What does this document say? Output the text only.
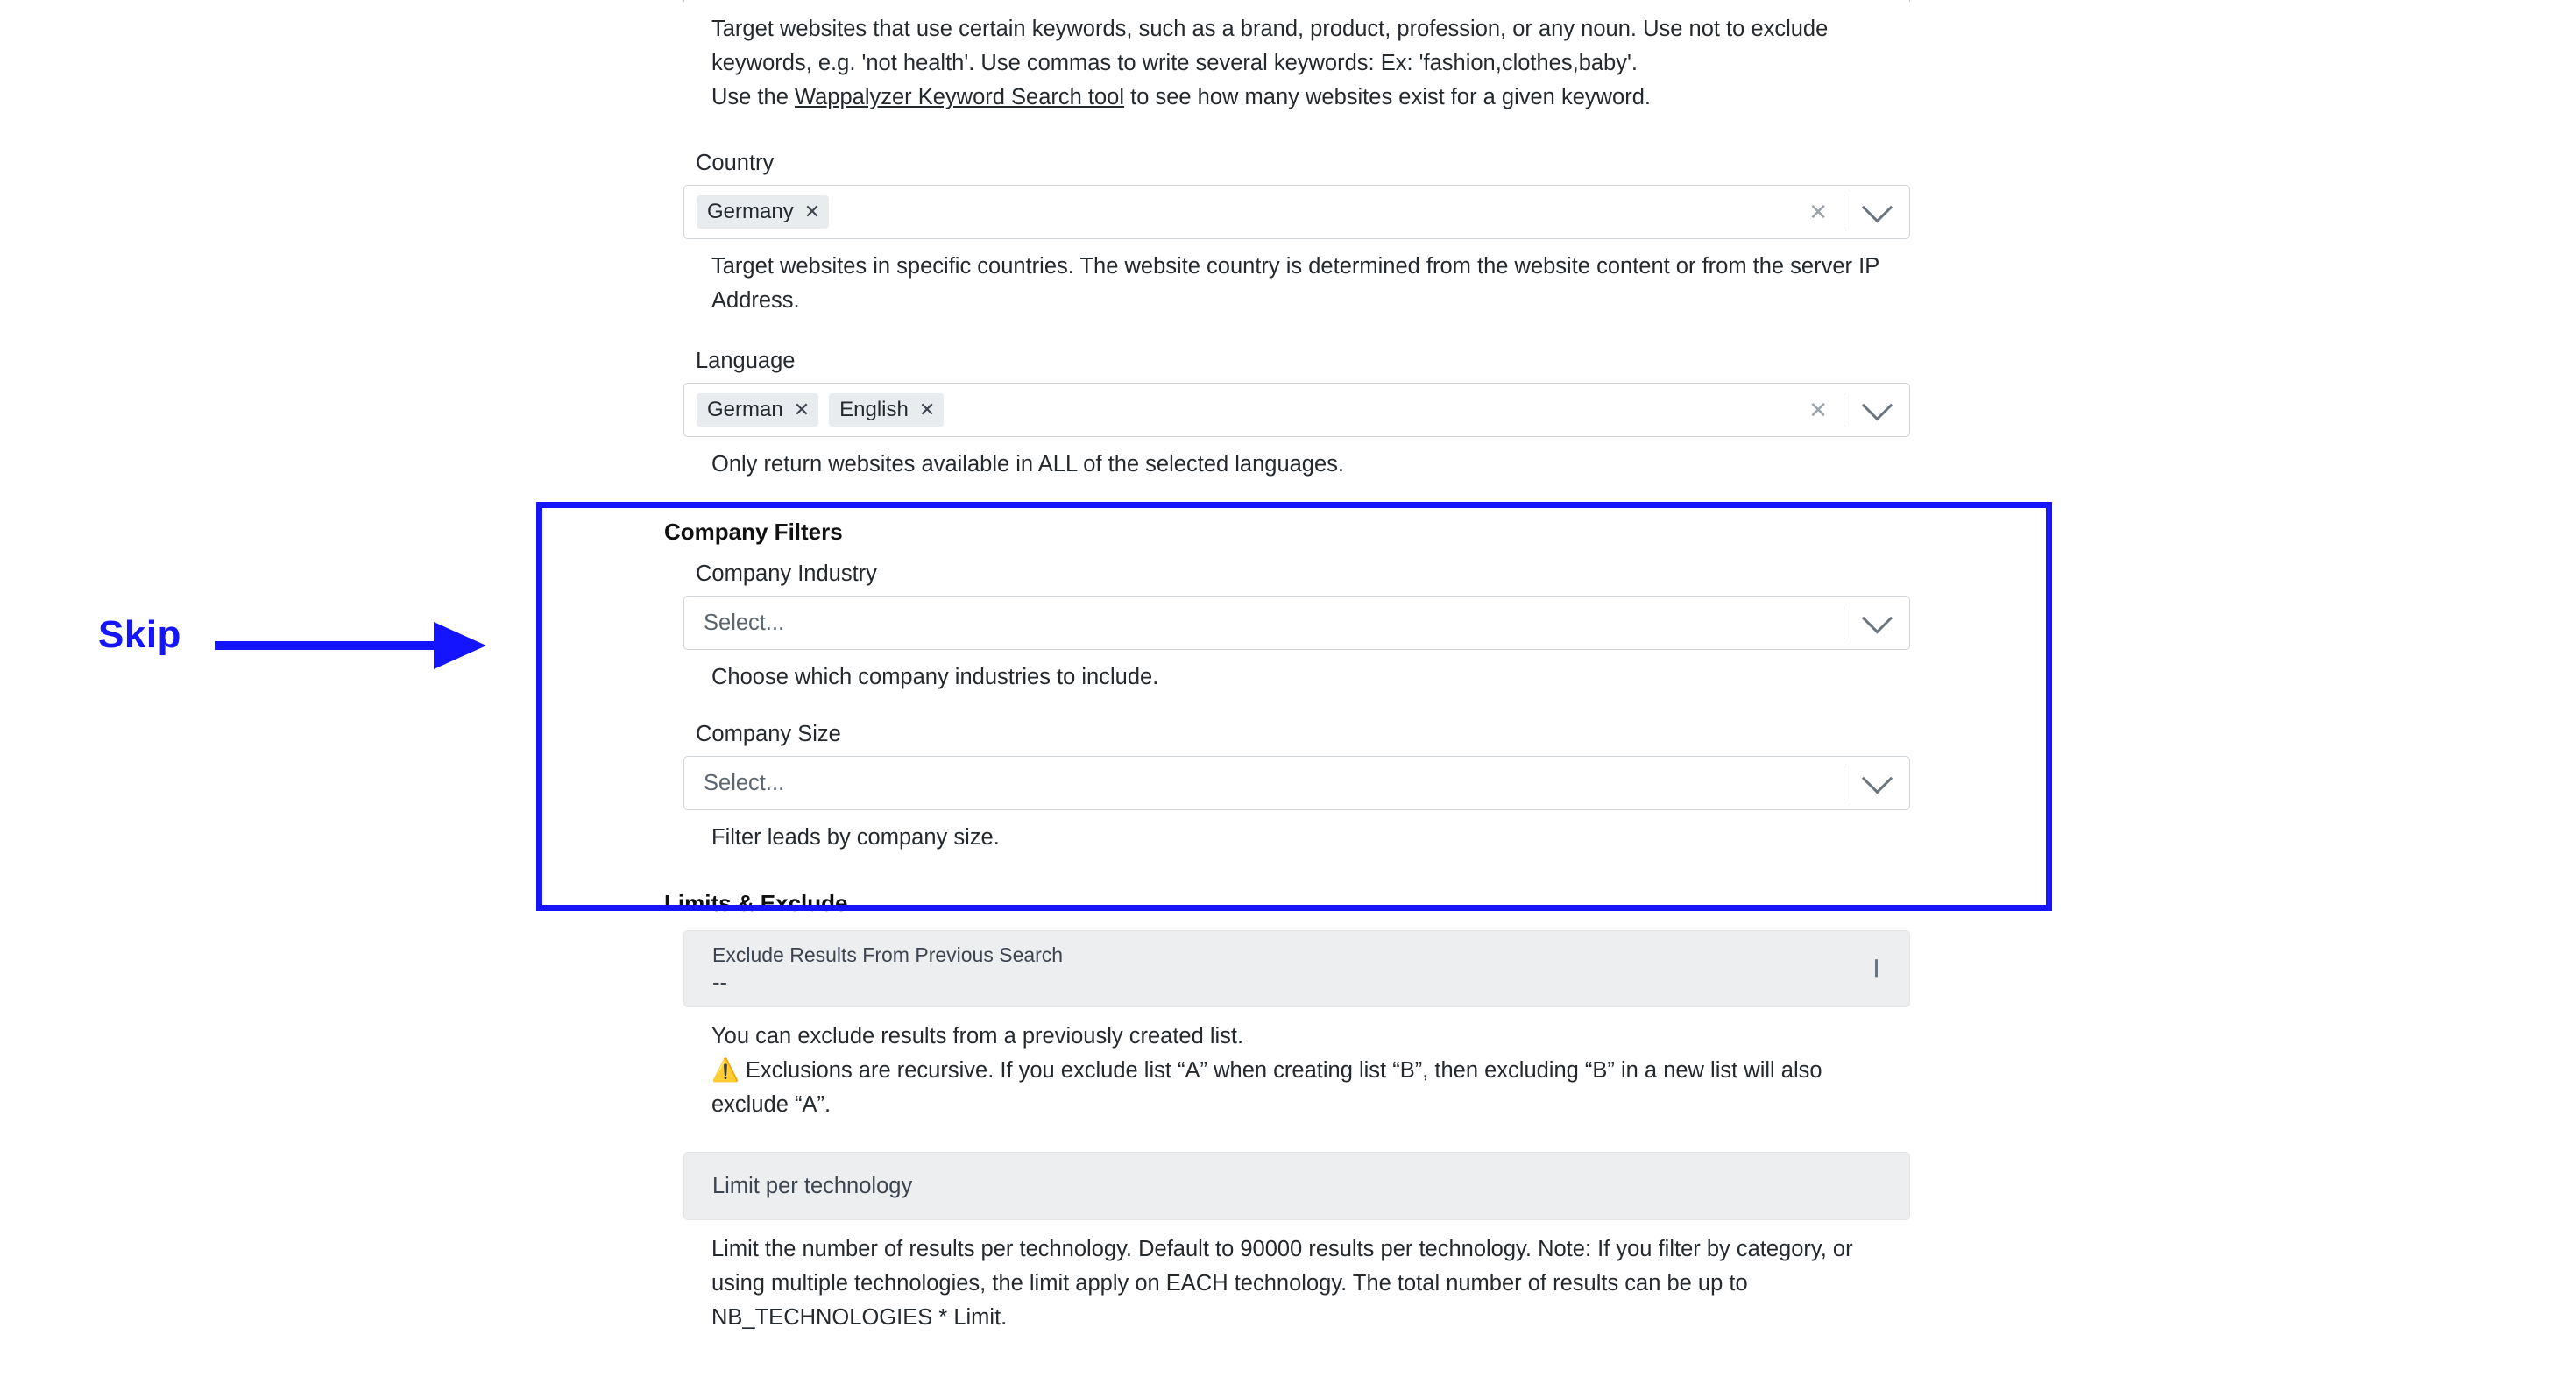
Target websites that use certain keywords, such as a brand, product, profession, or any noun. Use not to exclude
keywords, e.g. 'not health'. Use commas to write several keywords: Ex: 'fashion,clothes,baby'.
Use the Wappalyzer Keyword Search tool to see how many websites exist for a given keyword.
Country
Germany ✕	✕
Target websites in specific countries. The website country is determined from the website content or from the server IP Address.
Language
German ✕ English ✕	✕
Only return websites available in ALL of the selected languages.
Company Filters
Company Industry
Select...
Choose which company industries to include.
Company Size
Select...
Filter leads by company size.
Limits & Exclude
Exclude Results From Previous Search
--
You can exclude results from a previously created list.
⚠️ Exclusions are recursive. If you exclude list “A” when creating list “B”, then excluding “B” in a new list will also
exclude “A”.
Limit per technology
Limit the number of results per technology. Default to 90000 results per technology. Note: If you filter by category, or
using multiple technologies, the limit apply on EACH technology. The total number of results can be up to
NB_TECHNOLOGIES * Limit.
Skip
